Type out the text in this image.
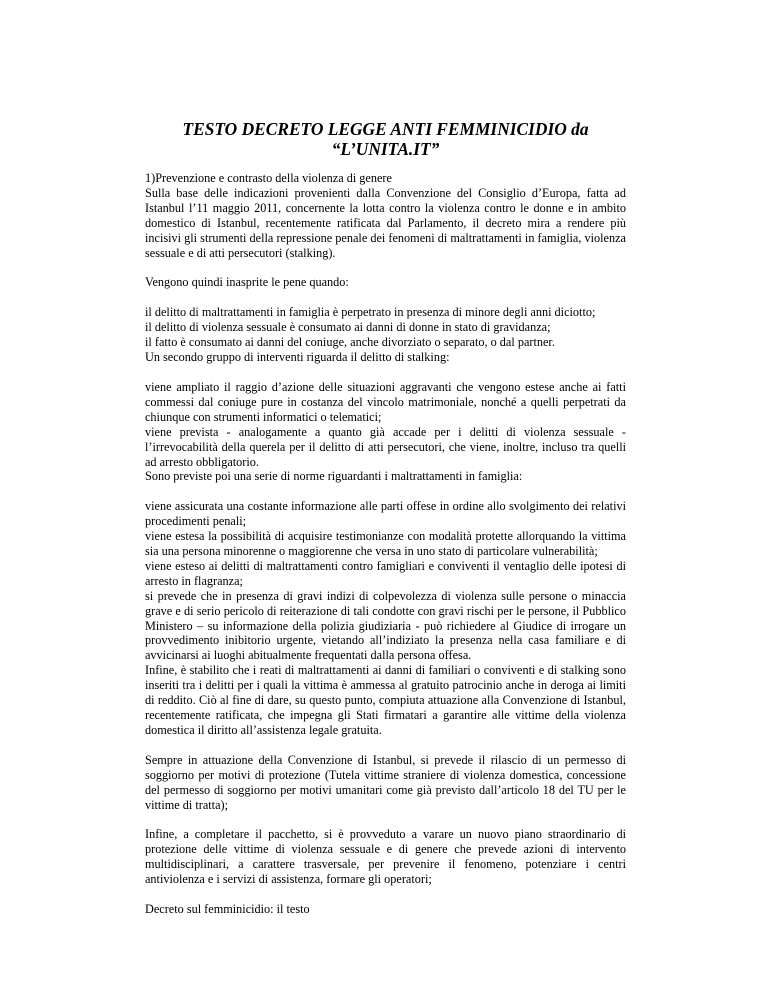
TESTO DECRETO LEGGE ANTI FEMMINICIDIO da
“L’UNITA.IT”

1)Prevenzione e contrasto della violenza di genere

Sulla base delle indicazioni provenienti dalla Convenzione del Consiglio d’Europa, fatta ad Istanbul l’11 maggio 2011, concernente la lotta contro la violenza contro le donne e in ambito domestico di Istanbul, recentemente ratificata dal Parlamento, il decreto mira a rendere più incisivi gli strumenti della repressione penale dei fenomeni di maltrattamenti in famiglia, violenza sessuale e di atti persecutori (stalking).

Vengono quindi inasprite le pene quando:

il delitto di maltrattamenti in famiglia è perpetrato in presenza di minore degli anni diciotto;

il delitto di violenza sessuale è consumato ai danni di donne in stato di gravidanza;

il fatto è consumato ai danni del coniuge, anche divorziato o separato, o dal partner.

Un secondo gruppo di interventi riguarda il delitto di stalking:

viene ampliato il raggio d’azione delle situazioni aggravanti che vengono estese anche ai fatti commessi dal coniuge pure in costanza del vincolo matrimoniale, nonché a quelli perpetrati da chiunque con strumenti informatici o telematici;

viene prevista - analogamente a quanto già accade per i delitti di violenza sessuale - l’irrevocabilità della querela per il delitto di atti persecutori, che viene, inoltre, incluso tra quelli ad arresto obbligatorio.

Sono previste poi una serie di norme riguardanti i maltrattamenti in famiglia:

viene assicurata una costante informazione alle parti offese in ordine allo svolgimento dei relativi procedimenti penali;

viene estesa la possibilità di acquisire testimonianze con modalità protette allorquando la vittima sia una persona minorenne o maggiorenne che versa in uno stato di particolare vulnerabilità;

viene esteso ai delitti di maltrattamenti contro famigliari e conviventi il ventaglio delle ipotesi di arresto in flagranza;

si prevede che in presenza di gravi indizi di colpevolezza di violenza sulle persone o minaccia grave e di serio pericolo di reiterazione di tali condotte con gravi rischi per le persone, il Pubblico Ministero – su informazione della polizia giudiziaria - può richiedere al Giudice di irrogare un provvedimento inibitorio urgente, vietando all’indiziato la presenza nella casa familiare e di avvicinarsi ai luoghi abitualmente frequentati dalla persona offesa.

Infine, è stabilito che i reati di maltrattamenti ai danni di familiari o conviventi e di stalking sono inseriti tra i delitti per i quali la vittima è ammessa al gratuito patrocinio anche in deroga ai limiti di reddito. Ciò al fine di dare, su questo punto, compiuta attuazione alla Convenzione di Istanbul, recentemente ratificata, che impegna gli Stati firmatari a garantire alle vittime della violenza domestica il diritto all’assistenza legale gratuita.

Sempre in attuazione della Convenzione di Istanbul, si prevede il rilascio di un permesso di soggiorno per motivi di protezione (Tutela vittime straniere di violenza domestica, concessione del permesso di soggiorno per motivi umanitari come già previsto dall’articolo 18 del TU per le vittime di tratta);

Infine, a completare il pacchetto, si è provveduto a varare un nuovo piano straordinario di protezione delle vittime di violenza sessuale e di genere che prevede azioni di intervento multidisciplinari, a carattere trasversale, per prevenire il fenomeno, potenziare i centri antiviolenza e i servizi di assistenza, formare gli operatori;

Decreto sul femminicidio: il testo
